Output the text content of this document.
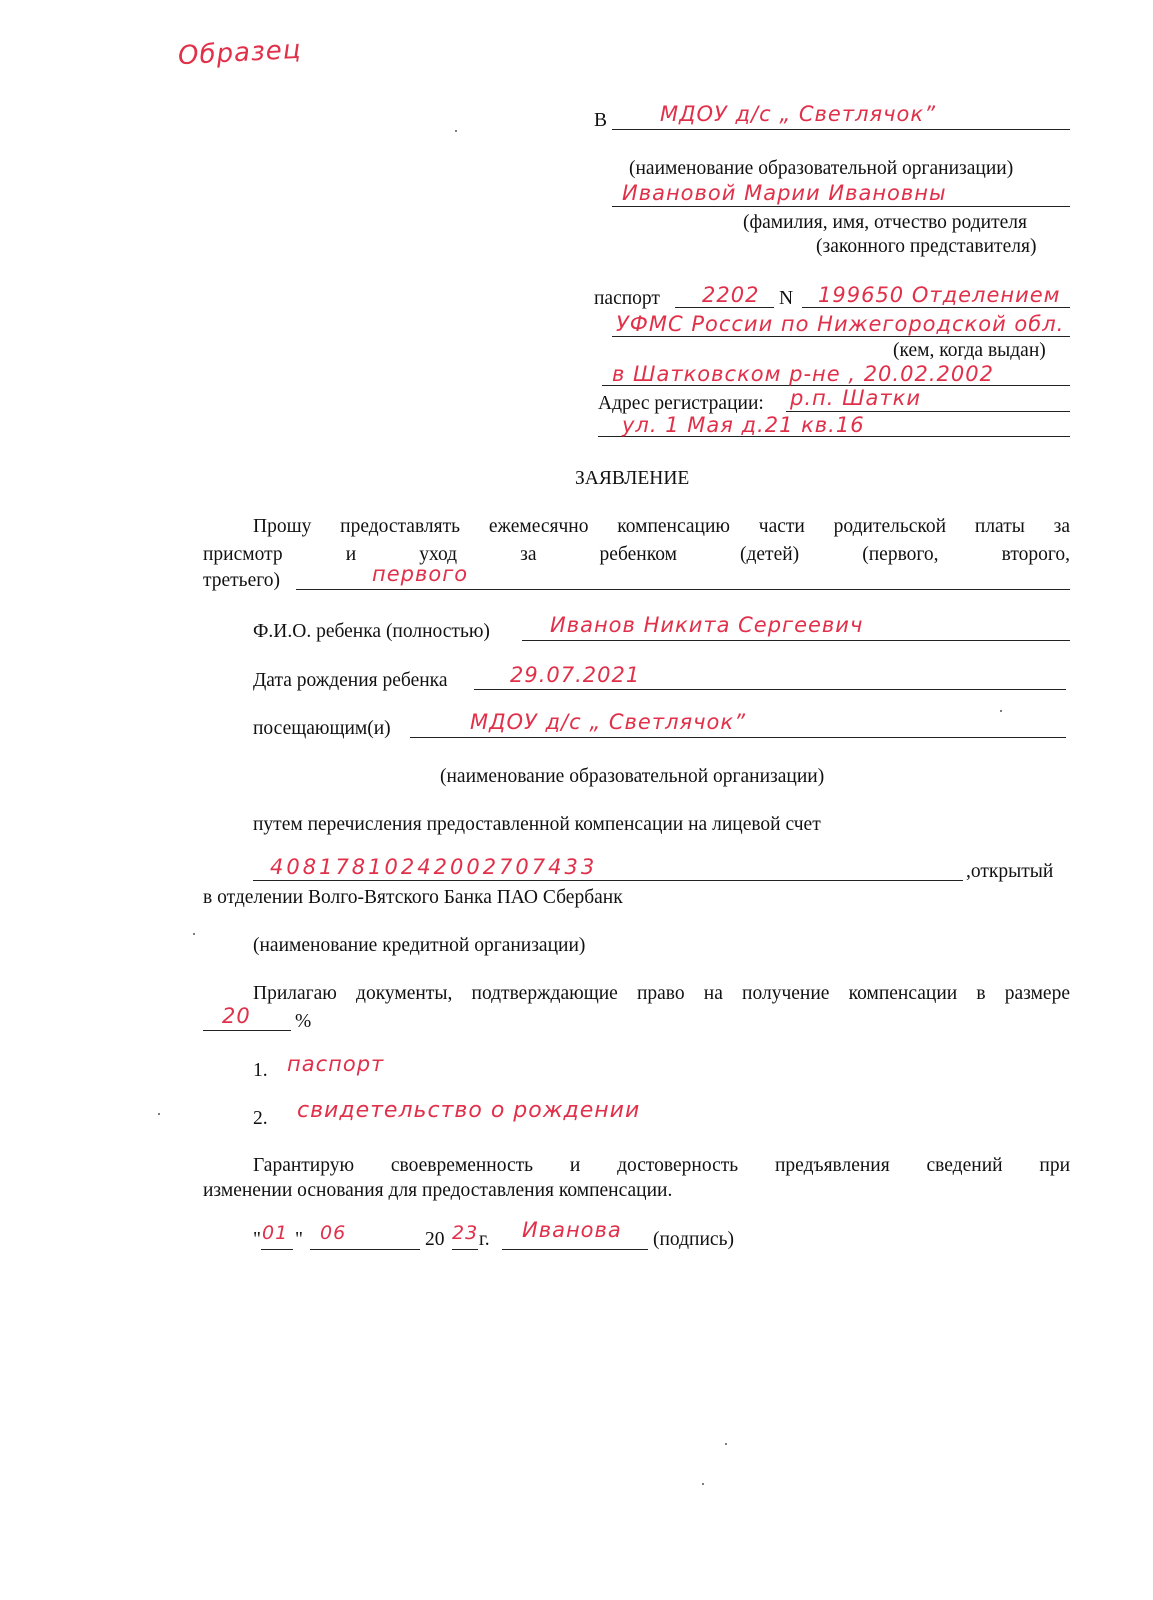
Образец
В	МДОУ д/с „ Светлячок”
(наименование образовательной организации)
Ивановой Марии Ивановны
(фамилия, имя, отчество родителя
(законного представителя)
паспорт 2202 N 199650 Отделением
УФМС России по Нижегородской обл.
(кем, когда выдан)
в Шатковском р-не , 20.02.2002
Адрес регистрации: р.п. Шатки
ул. 1 Мая д.21 кв.16
ЗАЯВЛЕНИЕ
Прошу предоставлять ежемесячно компенсацию части родительской платы за
присмотр	и	уход	за	ребенком	(детей)	(первого,	второго,
третьего)	первого
Ф.И.О. ребенка (полностью)	Иванов Никита Сергеевич
Дата рождения ребенка	29.07.2021
посещающим(и)	МДОУ д/с „ Светлячок”
(наименование образовательной организации)
путем перечисления предоставленной компенсации на лицевой счет
40817810242002707433	,открытый
в отделении Волго-Вятского Банка ПАО Сбербанк
(наименование кредитной организации)
Прилагаю документы, подтверждающие право на получение компенсации в размере
20 %
1. паспорт
2. свидетельство о рождении
Гарантирую своевременность и достоверность предъявления сведений при
изменении основания для предоставления компенсации.
" 01 " 06	20 23 г. Иванова (подпись)
